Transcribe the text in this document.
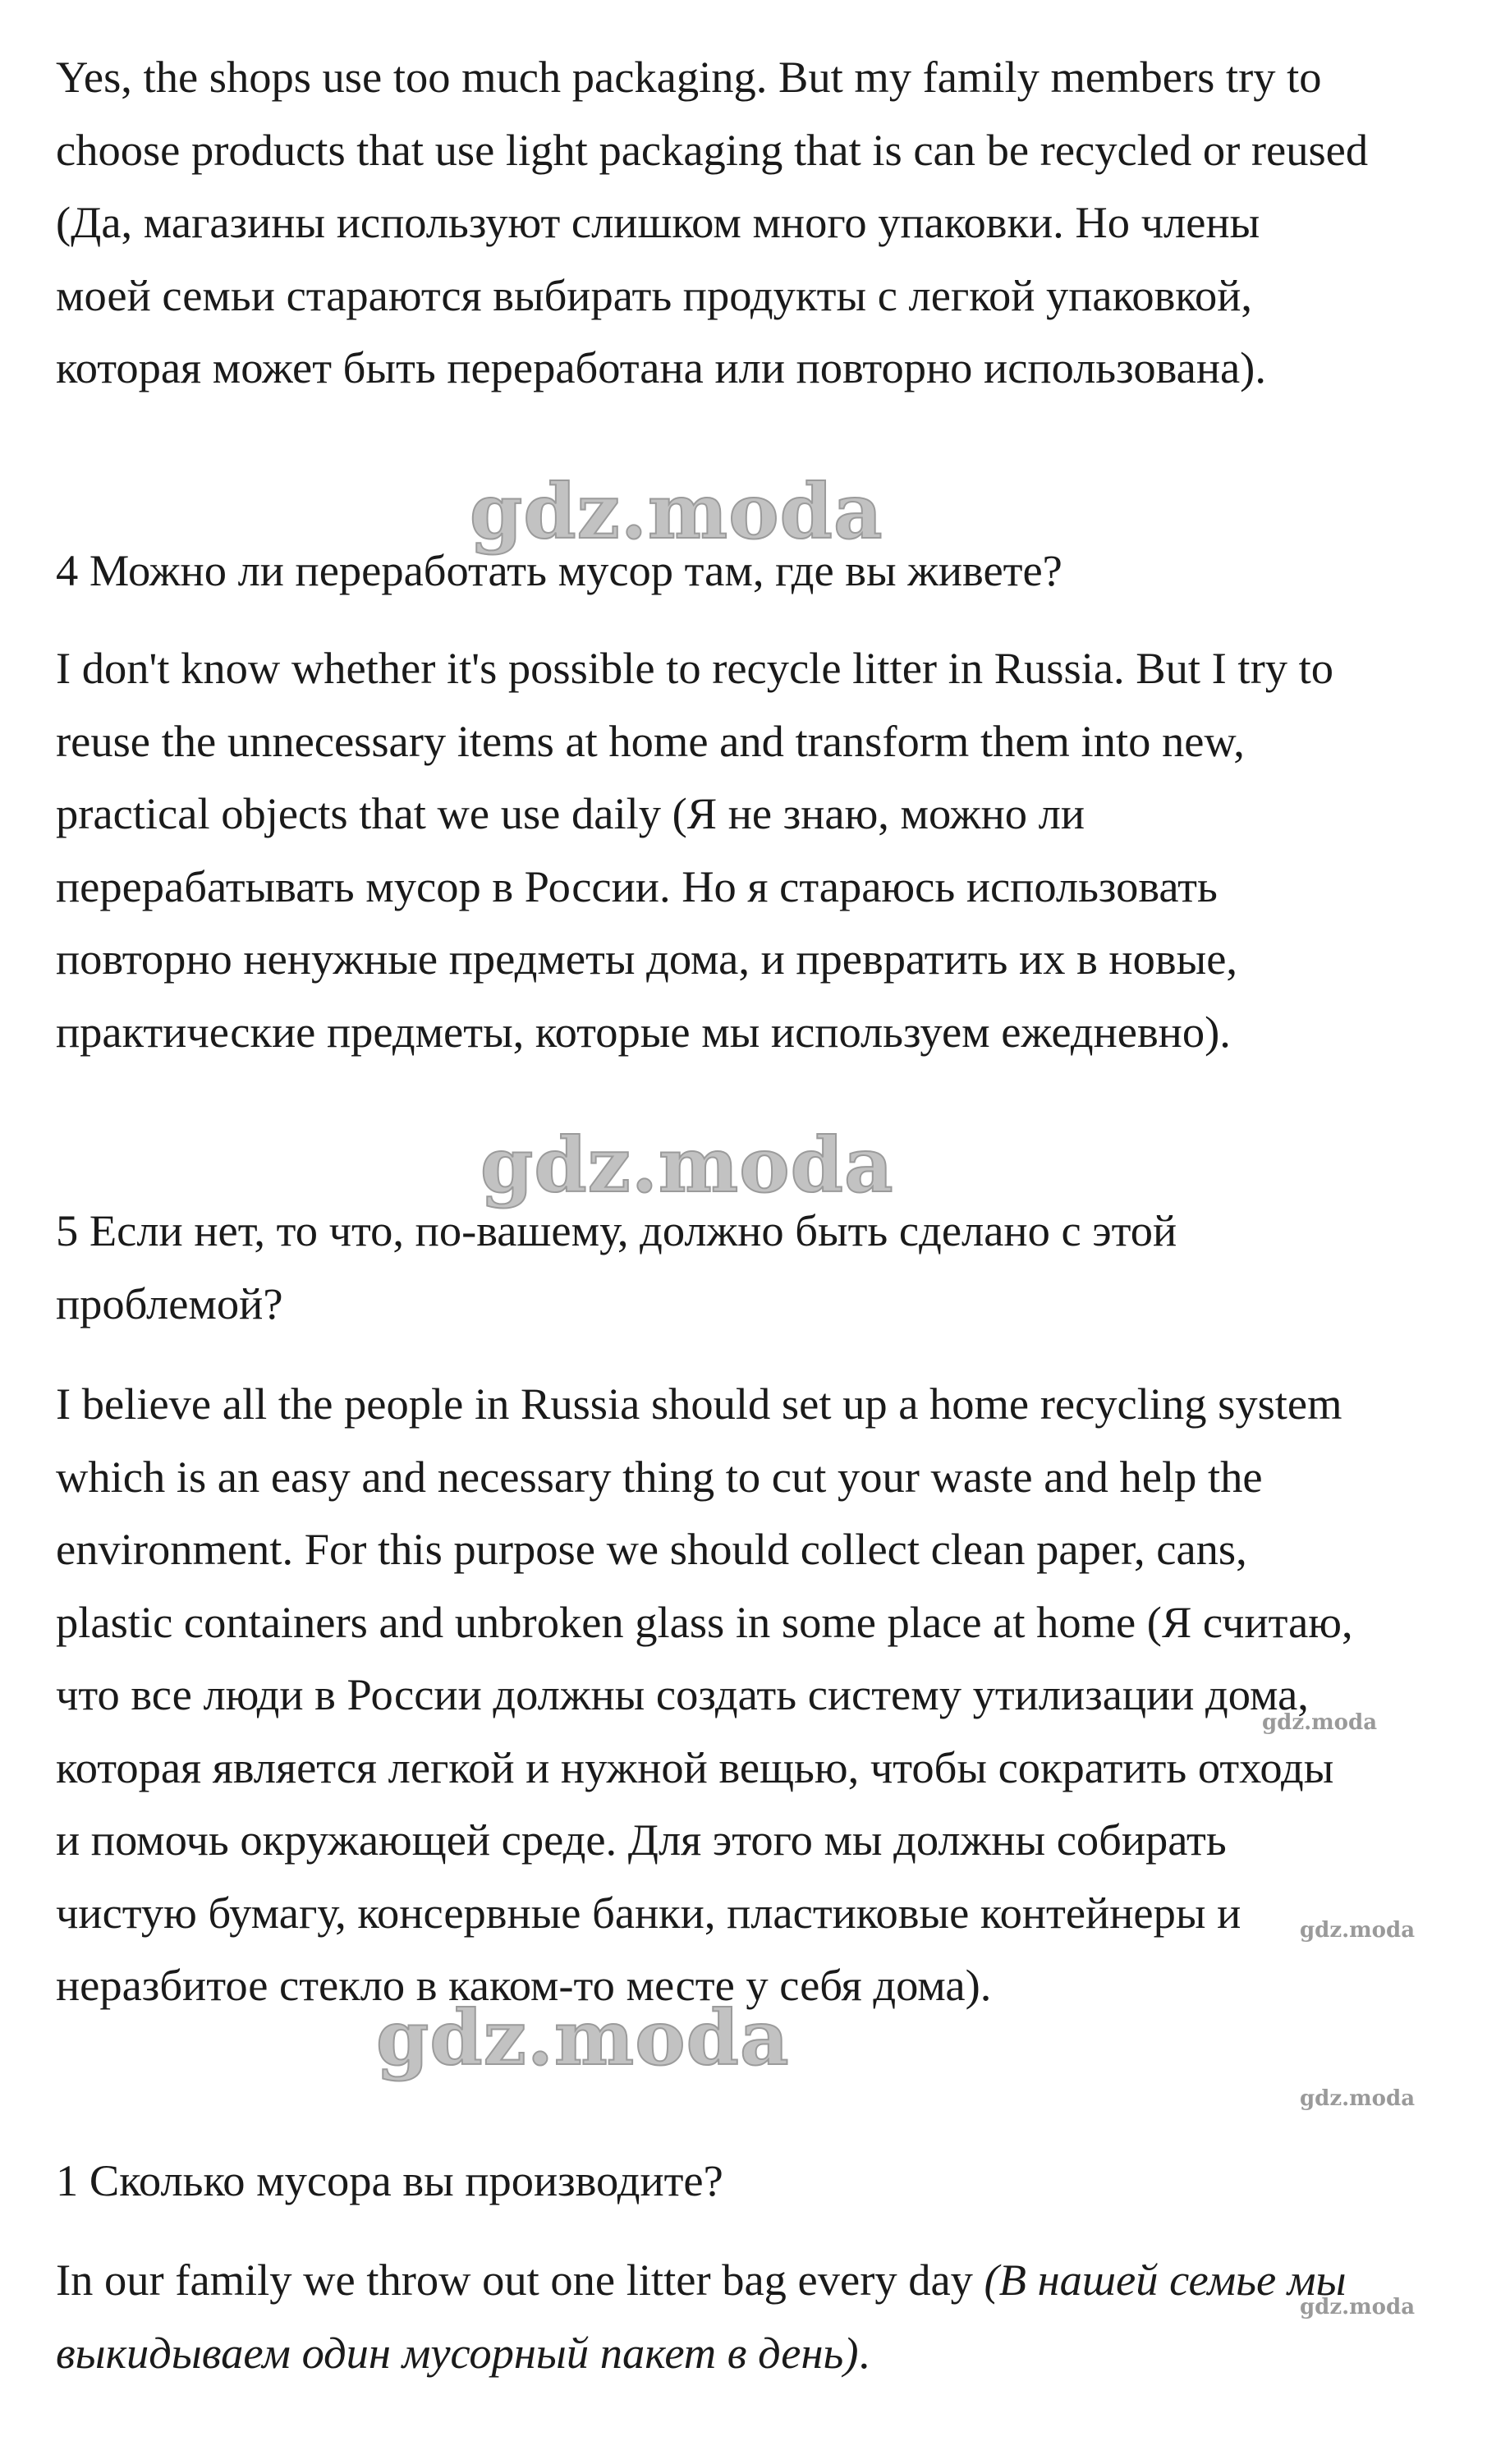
Yes, the shops use too much packaging. But my family members try to
choose products that use light packaging that is can be recycled or reused
(Да, магазины используют слишком много упаковки. Но члены
моей семьи стараются выбирать продукты с легкой упаковкой,
которая может быть переработана или повторно использована).
gdz.moda
4 Можно ли переработать мусор там, где вы живете?
I don't know whether it's possible to recycle litter in Russia. But I try to
reuse the unnecessary items at home and transform them into new,
practical objects that we use daily (Я не знаю, можно ли
перерабатывать мусор в России. Но я стараюсь использовать
повторно ненужные предметы дома, и превратить их в новые,
практические предметы, которые мы используем ежедневно).
gdz.moda
5 Если нет, то что, по-вашему, должно быть сделано с этой
проблемой?
I believe all the people in Russia should set up a home recycling system
which is an easy and necessary thing to cut your waste and help the
environment. For this purpose we should collect clean paper, cans,
plastic containers and unbroken glass in some place at home (Я считаю,
что все люди в России должны создать систему утилизации дома,
которая является легкой и нужной вещью, чтобы сократить отходы
и помочь окружающей среде. Для этого мы должны собирать
чистую бумагу, консервные банки, пластиковые контейнеры и
неразбитое стекло в каком-то месте у себя дома).
gdz.moda
gdz.moda
gdz.moda
gdz.moda
1 Сколько мусора вы производите?
In our family we throw out one litter bag every day (В нашей семье мы
выкидываем один мусорный пакет в день).
gdz.moda
